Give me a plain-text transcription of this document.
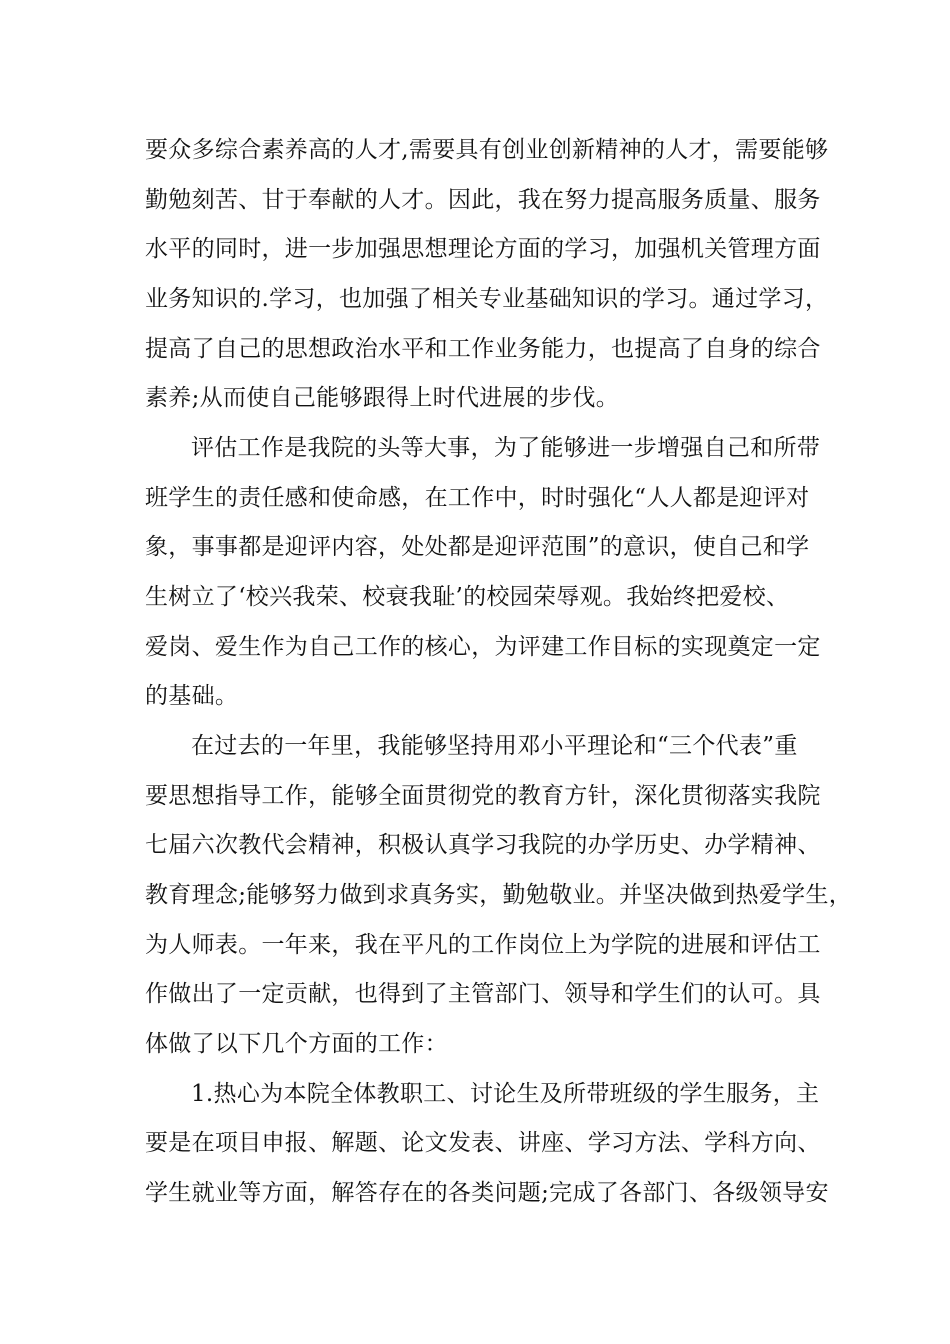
要众多综合素养高的人才,需要具有创业创新精神的人才，需要能够
勤勉刻苦、甘于奉献的人才。因此，我在努力提高服务质量、服务
水平的同时，进一步加强思想理论方面的学习，加强机关管理方面
业务知识的.学习，也加强了相关专业基础知识的学习。通过学习，
提高了自己的思想政治水平和工作业务能力，也提高了自身的综合
素养;从而使自己能够跟得上时代进展的步伐。
评估工作是我院的头等大事，为了能够进一步增强自己和所带
班学生的责任感和使命感，在工作中，时时强化“人人都是迎评对
象，事事都是迎评内容，处处都是迎评范围”的意识，使自己和学
生树立了‘校兴我荣、校衰我耻’的校园荣辱观。我始终把爱校、
爱岗、爱生作为自己工作的核心，为评建工作目标的实现奠定一定
的基础。
在过去的一年里，我能够坚持用邓小平理论和“三个代表”重
要思想指导工作，能够全面贯彻党的教育方针，深化贯彻落实我院
七届六次教代会精神，积极认真学习我院的办学历史、办学精神、
教育理念;能够努力做到求真务实，勤勉敬业。并坚决做到热爱学生，
为人师表。一年来，我在平凡的工作岗位上为学院的进展和评估工
作做出了一定贡献，也得到了主管部门、领导和学生们的认可。具
体做了以下几个方面的工作：
1.热心为本院全体教职工、讨论生及所带班级的学生服务，主
要是在项目申报、解题、论文发表、讲座、学习方法、学科方向、
学生就业等方面，解答存在的各类问题;完成了各部门、各级领导安
